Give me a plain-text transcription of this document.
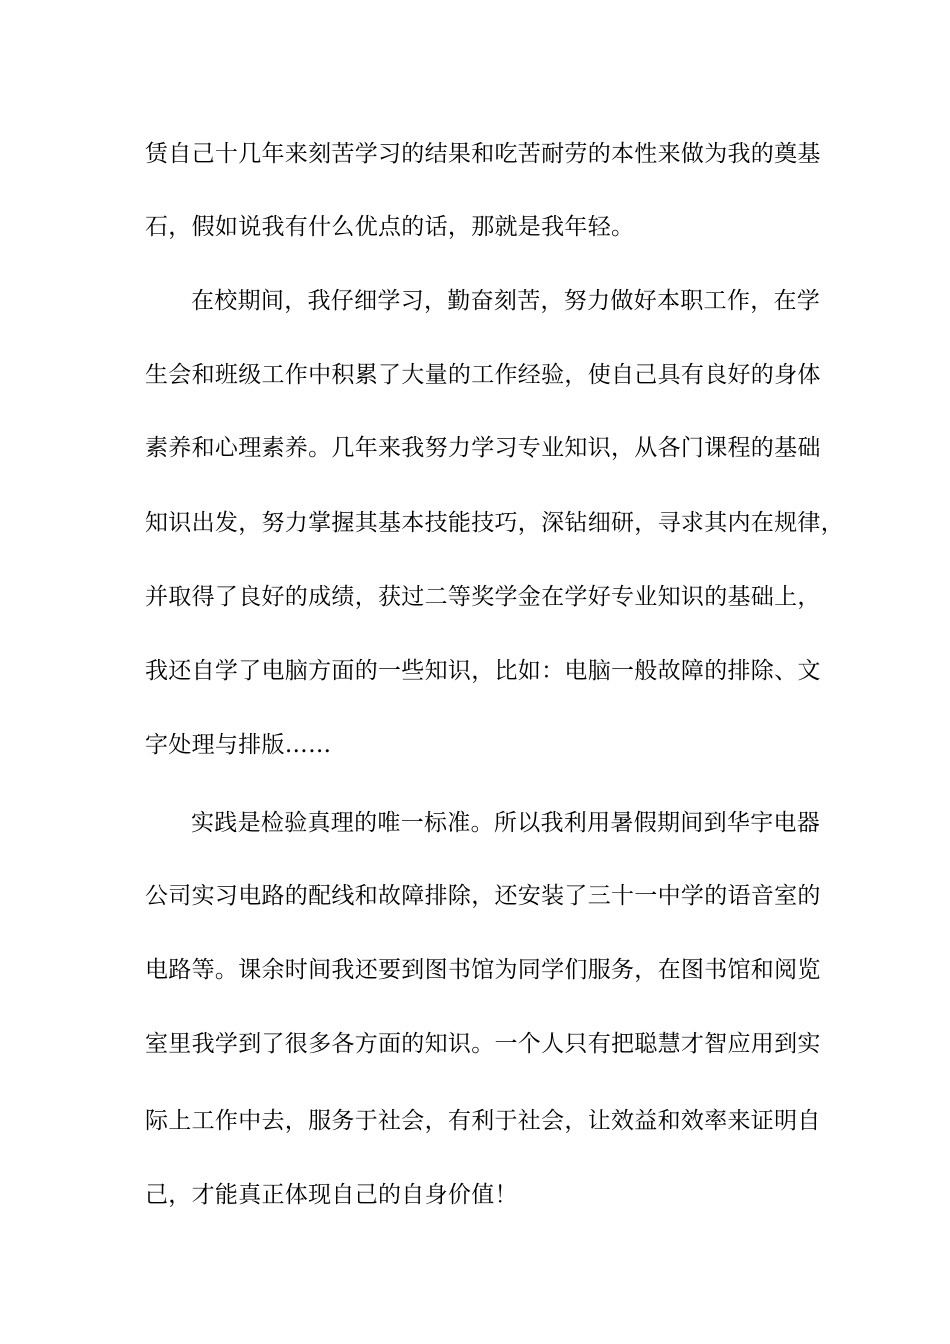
赁自己十几年来刻苦学习的结果和吃苦耐劳的本性来做为我的奠基
石，假如说我有什么优点的话，那就是我年轻。
在校期间，我仔细学习，勤奋刻苦，努力做好本职工作，在学
生会和班级工作中积累了大量的工作经验，使自己具有良好的身体
素养和心理素养。几年来我努力学习专业知识，从各门课程的基础
知识出发，努力掌握其基本技能技巧，深钻细研，寻求其内在规律，
并取得了良好的成绩，获过二等奖学金在学好专业知识的基础上，
我还自学了电脑方面的一些知识，比如：电脑一般故障的排除、文
字处理与排版……
实践是检验真理的唯一标准。所以我利用暑假期间到华宇电器
公司实习电路的配线和故障排除，还安装了三十一中学的语音室的
电路等。课余时间我还要到图书馆为同学们服务，在图书馆和阅览
室里我学到了很多各方面的知识。一个人只有把聪慧才智应用到实
际上工作中去，服务于社会，有利于社会，让效益和效率来证明自
己，才能真正体现自己的自身价值！
